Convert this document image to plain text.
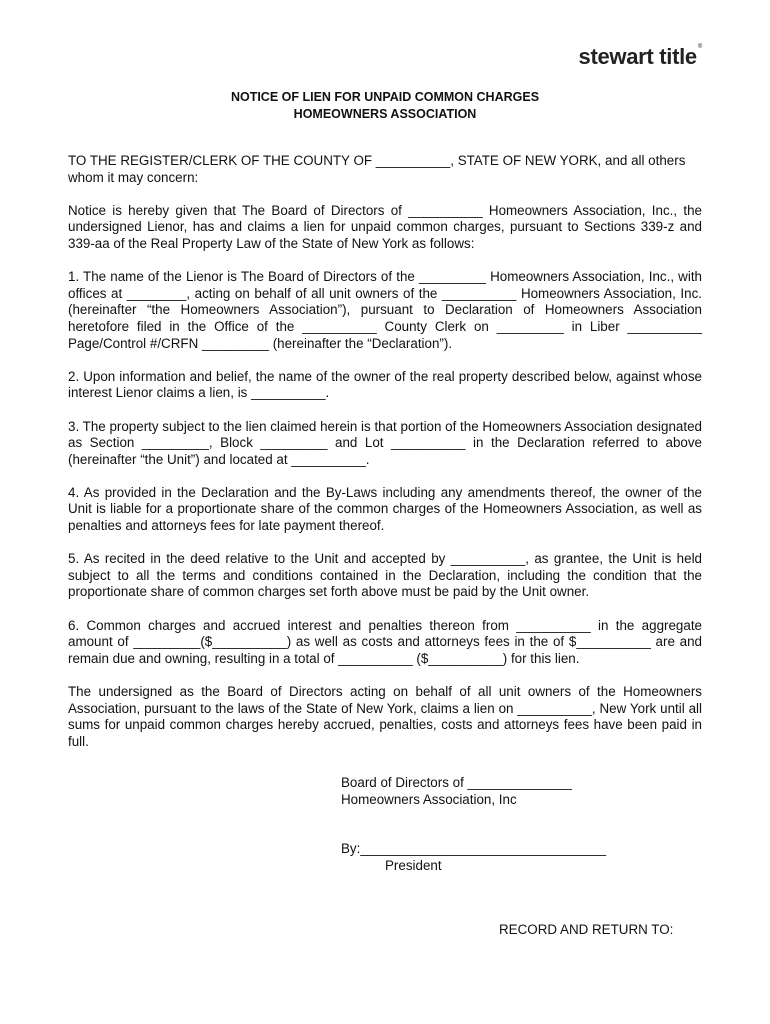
stewart title®
NOTICE OF LIEN FOR UNPAID COMMON CHARGES
HOMEOWNERS ASSOCIATION

TO THE REGISTER/CLERK OF THE COUNTY OF __________, STATE OF NEW YORK, and all others whom it may concern:

Notice is hereby given that The Board of Directors of __________ Homeowners Association, Inc., the undersigned Lienor, has and claims a lien for unpaid common charges, pursuant to Sections 339-z and 339-aa of the Real Property Law of the State of New York as follows:

1. The name of the Lienor is The Board of Directors of the _________ Homeowners Association, Inc., with offices at ________, acting on behalf of all unit owners of the __________ Homeowners Association, Inc. (hereinafter “the Homeowners Association”), pursuant to Declaration of Homeowners Association heretofore filed in the Office of the __________ County Clerk on _________ in Liber __________ Page/Control #/CRFN _________ (hereinafter the “Declaration”).

2. Upon information and belief, the name of the owner of the real property described below, against whose interest Lienor claims a lien, is __________.

3. The property subject to the lien claimed herein is that portion of the Homeowners Association designated as Section _________, Block _________ and Lot __________ in the Declaration referred to above (hereinafter “the Unit”) and located at __________.

4. As provided in the Declaration and the By-Laws including any amendments thereof, the owner of the Unit is liable for a proportionate share of the common charges of the Homeowners Association, as well as penalties and attorneys fees for late payment thereof.

5. As recited in the deed relative to the Unit and accepted by __________, as grantee, the Unit is held subject to all the terms and conditions contained in the Declaration, including the condition that the proportionate share of common charges set forth above must be paid by the Unit owner.

6. Common charges and accrued interest and penalties thereon from __________ in the aggregate amount of _________($__________) as well as costs and attorneys fees in the of $__________ are and remain due and owning, resulting in a total of __________ ($__________) for this lien.

The undersigned as the Board of Directors acting on behalf of all unit owners of the Homeowners Association, pursuant to the laws of the State of New York, claims a lien on __________, New York until all sums for unpaid common charges hereby accrued, penalties, costs and attorneys fees have been paid in full.

Board of Directors of ______________
Homeowners Association, Inc
By:_________________________________
President
RECORD AND RETURN TO:
